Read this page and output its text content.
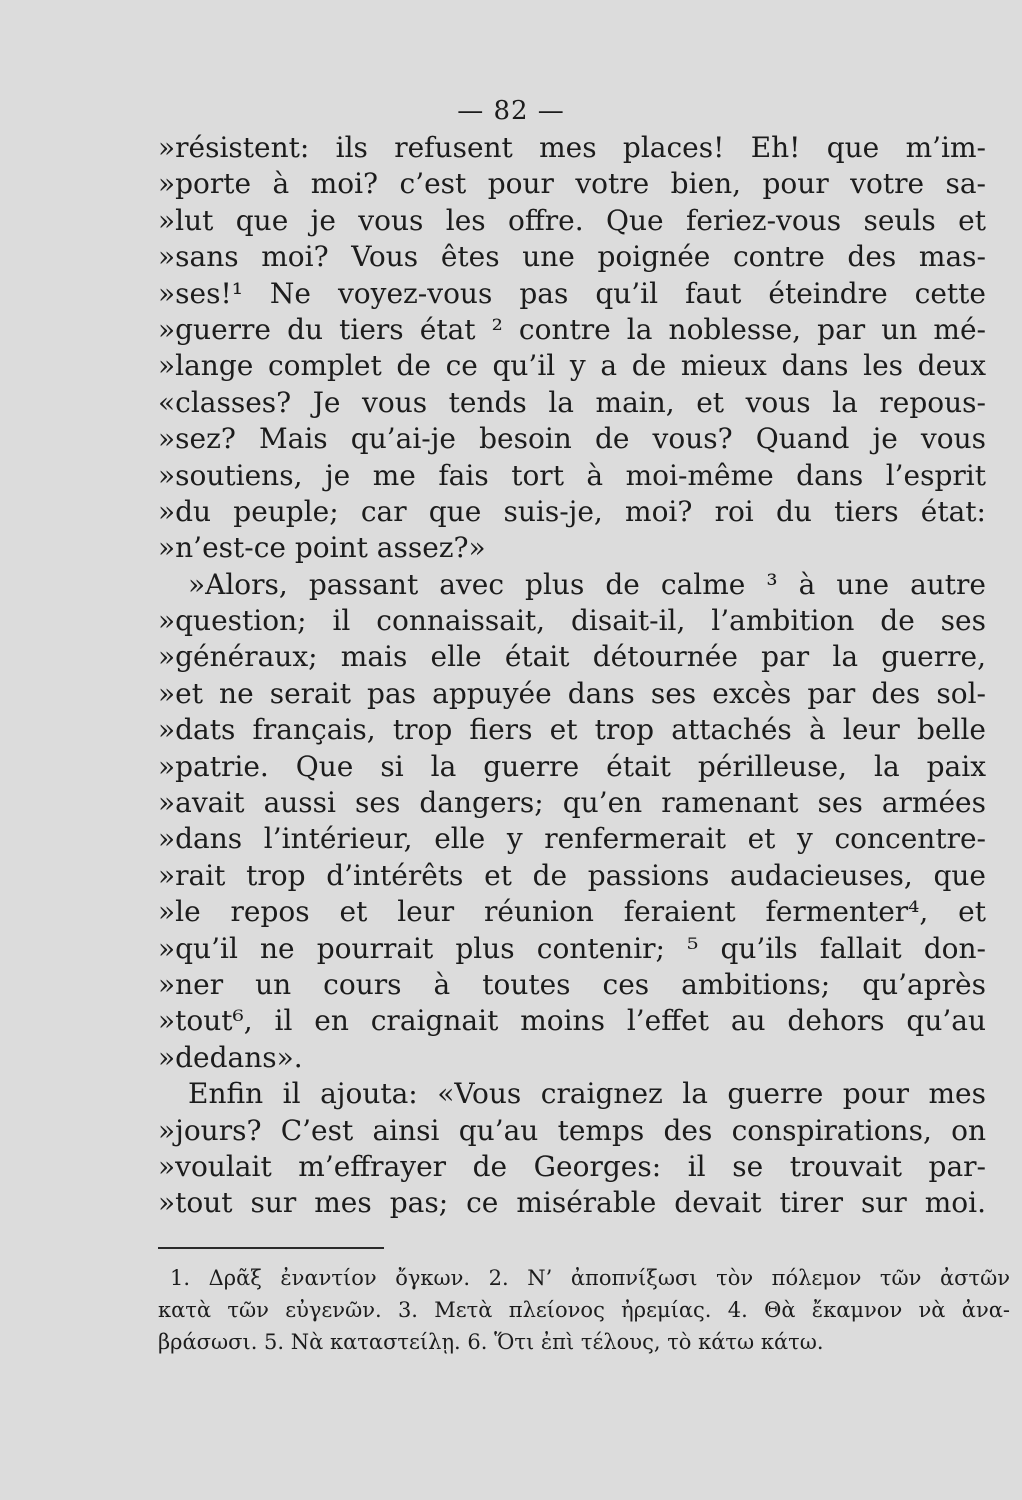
— 82 —
»résistent: ils refusent mes places! Eh! que m’im-
»porte à moi? c’est pour votre bien, pour votre sa-
»lut que je vous les offre. Que feriez-vous seuls et
»sans moi? Vous êtes une poignée contre des mas-
»ses!¹ Ne voyez-vous pas qu’il faut éteindre cette
»guerre du tiers état ² contre la noblesse, par un mé-
»lange complet de ce qu’il y a de mieux dans les deux
«classes? Je vous tends la main, et vous la repous-
»sez? Mais qu’ai-je besoin de vous? Quand je vous
»soutiens, je me fais tort à moi-même dans l’esprit
»du peuple; car que suis-je, moi? roi du tiers état:
»n’est-ce point assez?»
»Alors, passant avec plus de calme ³ à une autre
»question; il connaissait, disait-il, l’ambition de ses
»généraux; mais elle était détournée par la guerre,
»et ne serait pas appuyée dans ses excès par des sol-
»dats français, trop fiers et trop attachés à leur belle
»patrie. Que si la guerre était périlleuse, la paix
»avait aussi ses dangers; qu’en ramenant ses armées
»dans l’intérieur, elle y renfermerait et y concentre-
»rait trop d’intérêts et de passions audacieuses, que
»le repos et leur réunion feraient fermenter⁴, et
»qu’il ne pourrait plus contenir; ⁵ qu’ils fallait don-
»ner un cours à toutes ces ambitions; qu’après
»tout⁶, il en craignait moins l’effet au dehors qu’au
»dedans».
Enfin il ajouta: «Vous craignez la guerre pour mes
»jours? C’est ainsi qu’au temps des conspirations, on
»voulait m’effrayer de Georges: il se trouvait par-
»tout sur mes pas; ce misérable devait tirer sur moi.
1. Δρᾶξ ἐναντίον ὄγκων. 2. Ν’ ἀποπνίξωσι τὸν πόλεμον τῶν ἀστῶν
κατὰ τῶν εὐγενῶν. 3. Μετὰ πλείονος ἠρεμίας. 4. Θὰ ἔκαμνον νὰ ἀνα-
βράσωσι. 5. Νὰ καταστείλῃ. 6. Ὅτι ἐπὶ τέλους, τὸ κάτω κάτω.
